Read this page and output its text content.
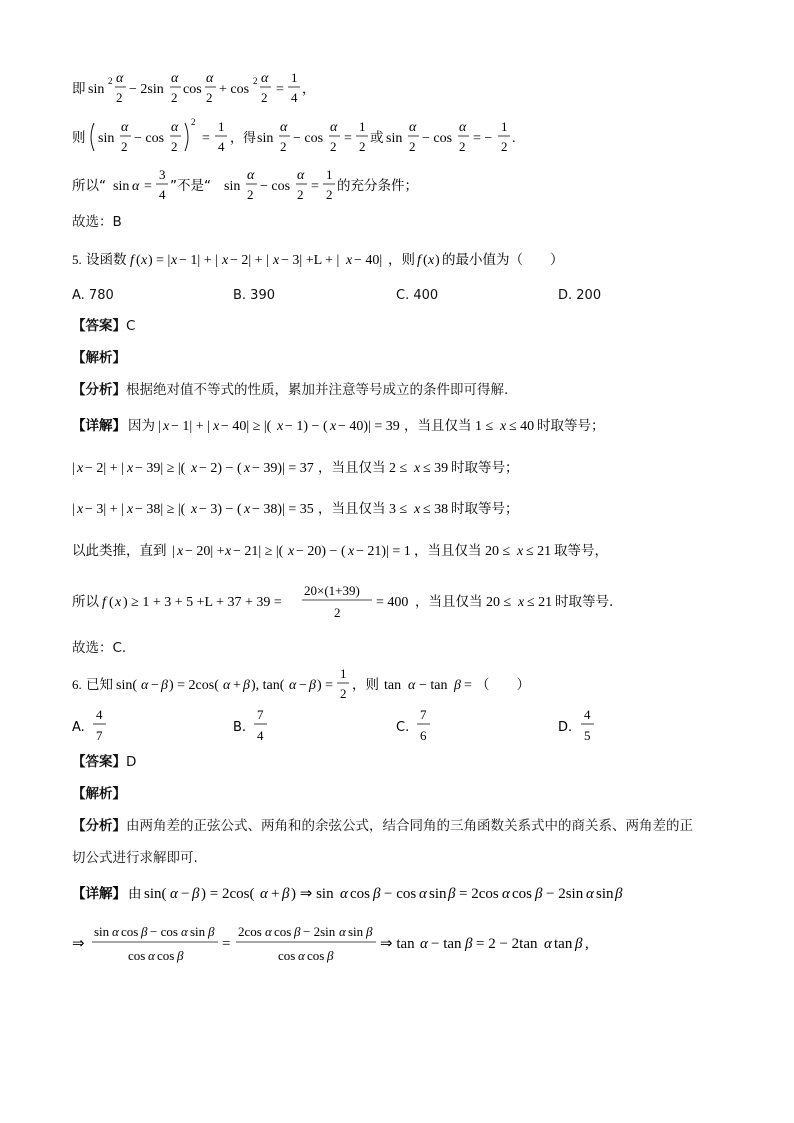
即 sin
2 α
2
− 2sin
α
2
cos
α
2
+ cos
2 α
2
=
1
4
，
则 sin
α
2
− cos
α
2
2
=
1
4
，得 sin
α
2
− cos
α
2
=
1
2
或 sin
α
2
− cos
α
2
= −
1
2
.
所以“ sin α =
3
4
”不是“ sin
α
2
− cos
α
2
=
1
2
的充分条件；
故选：B
5. 设函数 f ( x ) = | x − 1| + | x − 2| + | x − 3| +L + | x − 40| ，则 f ( x ) 的最小值为（　　）
A. 780	B. 390	C. 400	D. 200
【答案】C
【解析】
【分析】根据绝对值不等式的性质，累加并注意等号成立的条件即可得解.
【详解】 因为 | x − 1| + | x − 40| ≥ |( x − 1) − ( x − 40)| = 39 ，当且仅当 1 ≤ x ≤ 40 时取等号；
| x − 2| + | x − 39| ≥ |( x − 2) − ( x − 39)| = 37 ，当且仅当 2 ≤ x ≤ 39 时取等号；
| x − 3| + | x − 38| ≥ |( x − 3) − ( x − 38)| = 35 ，当且仅当 3 ≤ x ≤ 38 时取等号；
以此类推，直到 | x − 20| + x − 21| ≥ |( x − 20) − ( x − 21)| = 1 ，当且仅当 20 ≤ x ≤ 21 取等号，
所以 f ( x ) ≥ 1 + 3 + 5 +L + 37 + 39 =
20×(1+39)
2
= 400 ，当且仅当 20 ≤ x ≤ 21 时取等号.
故选：C.
6. 已知 sin( α − β ) = 2cos( α + β ), tan( α − β ) =
1
2
，则 tan α − tan β = （　　）
A.
4
7
B.
7
4
C.
7
6
D.
4
5
【答案】D
【解析】
【分析】由两角差的正弦公式、两角和的余弦公式，结合同角的三角函数关系式中的商关系、两角差的正
切公式进行求解即可.
【详解】 由 sin( α − β ) = 2cos( α + β ) ⇒ sin α cos β − cos α sin β = 2cos α cos β − 2sin α sin β
⇒
sin α cos β − cos α sin β
cos α cos β
=
2cos α cos β − 2sin α sin β
cos α cos β
⇒ tan α − tan β = 2 − 2tan α tan β ,
